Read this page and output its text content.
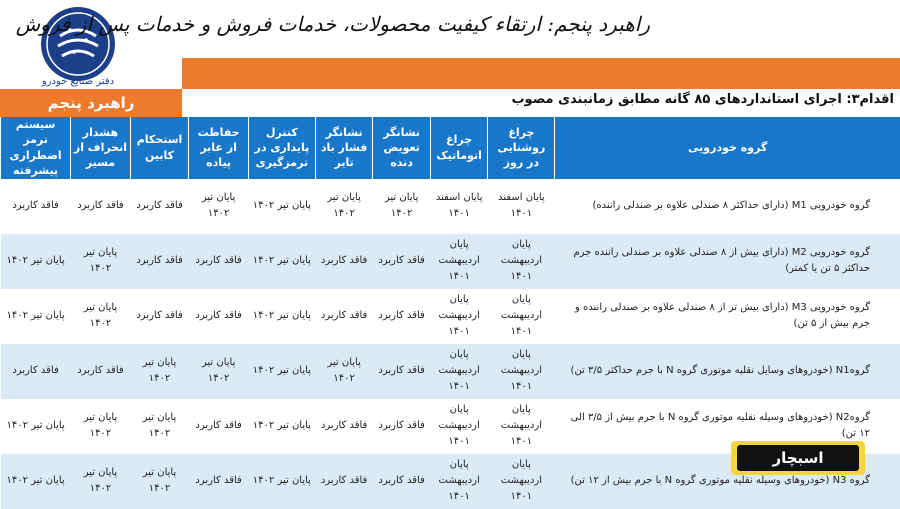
دفتر صنایع خودرو
راهبرد پنجم: ارتقاء کیفیت محصولات، خدمات فروش و خدمات پس از فروش
راهبرد پنجم	اقدام۳: اجرای استانداردهای ۸۵ گانه مطابق زمانبندی مصوب
گروه خودرویی	چراغ روشنایی در روز	چراغ اتوماتیک	نشانگر تعویض دنده	نشانگر فشار باد تایر	کنترل پایداری در ترمزگیری	حفاظت از عابر پیاده	استحکام کابین	هشدار انحراف از مسیر	سیستم ترمز اضطراری پیشرفته
گروه خودرویی M1 (دارای حداکثر ۸ صندلی علاوه بر صندلی راننده)	پایان اسفند ۱۴۰۱	پایان اسفند ۱۴۰۱	پایان تیر ۱۴۰۲	پایان تیر ۱۴۰۲	پایان تیر ۱۴۰۲	پایان تیر ۱۴۰۲	فاقد کاربرد	فاقد کاربرد	فاقد کاربرد
گروه خودرویی M2 (دارای بیش از ۸ صندلی علاوه بر صندلی راننده جرم حداکثر ۵ تن یا کمتر)	پایان اردیبهشت ۱۴۰۱	پایان اردیبهشت ۱۴۰۱	فاقد کاربرد	فاقد کاربرد	پایان تیر ۱۴۰۲	فاقد کاربرد	فاقد کاربرد	پایان تیر ۱۴۰۲	پایان تیر ۱۴۰۲
گروه خودرویی M3 (دارای بیش تر از ۸ صندلی علاوه بر صندلی راننده و جرم بیش از ۵ تن)	پایان اردیبهشت ۱۴۰۱	پایان اردیبهشت ۱۴۰۱	فاقد کاربرد	فاقد کاربرد	پایان تیر ۱۴۰۲	فاقد کاربرد	فاقد کاربرد	پایان تیر ۱۴۰۲	پایان تیر ۱۴۰۲
گروهN1 (خودروهای وسایل نقلیه موتوری گروه N با جرم حداکثر ۳/۵ تن)	پایان اردیبهشت ۱۴۰۱	پایان اردیبهشت ۱۴۰۱	فاقد کاربرد	پایان تیر ۱۴۰۲	پایان تیر ۱۴۰۲	پایان تیر ۱۴۰۲	پایان تیر ۱۴۰۲	فاقد کاربرد	فاقد کاربرد
گروهN2 (خودروهای وسیله نقلیه موتوری گروه N با جرم بیش از ۳/۵ الی ۱۲ تن)	پایان اردیبهشت ۱۴۰۱	پایان اردیبهشت ۱۴۰۱	فاقد کاربرد	فاقد کاربرد	پایان تیر ۱۴۰۲	فاقد کاربرد	پایان تیر ۱۴۰۲	پایان تیر ۱۴۰۲	پایان تیر ۱۴۰۲
گروه N3 (خودروهای وسیله نقلیه موتوری گروه N با جرم بیش از ۱۲ تن)	پایان اردیبهشت ۱۴۰۱	پایان اردیبهشت ۱۴۰۱	فاقد کاربرد	فاقد کاربرد	پایان تیر ۱۴۰۲	فاقد کاربرد	پایان تیر ۱۴۰۲	پایان تیر ۱۴۰۲	پایان تیر ۱۴۰۲
اسبچار
